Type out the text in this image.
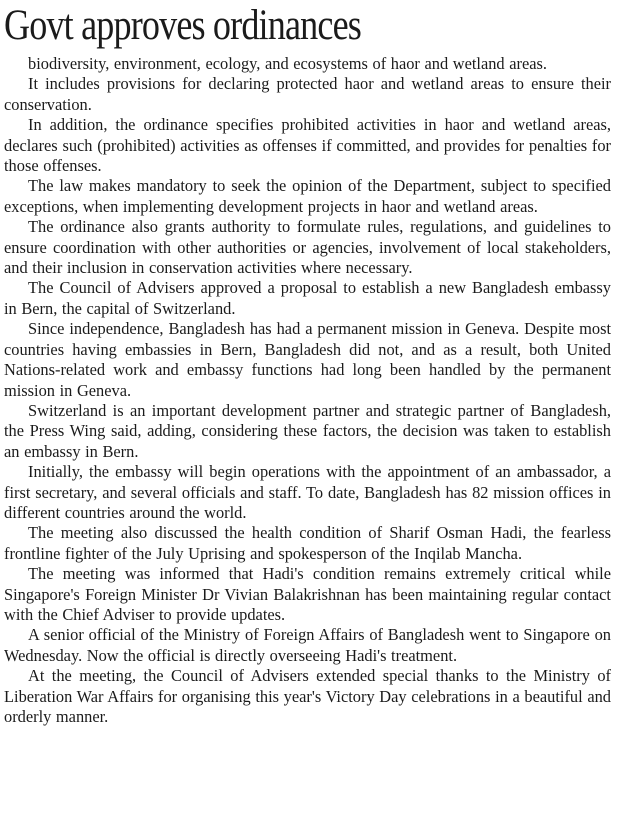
Govt approves ordinances

biodiversity, environment, ecology, and ecosystems of haor and wetland areas.

It includes provisions for declaring protected haor and wetland areas to ensure their conservation.

In addition, the ordinance specifies prohibited activities in haor and wetland areas, declares such (prohibited) activities as offenses if committed, and provides for penalties for those offenses.

The law makes mandatory to seek the opinion of the Department, subject to specified exceptions, when implementing development projects in haor and wetland areas.

The ordinance also grants authority to formulate rules, regulations, and guidelines to ensure coordination with other authorities or agencies, involvement of local stakeholders, and their inclusion in conservation activities where necessary.

The Council of Advisers approved a proposal to establish a new Bangladesh embassy in Bern, the capital of Switzerland.

Since independence, Bangladesh has had a permanent mission in Geneva. Despite most countries having embassies in Bern, Bangladesh did not, and as a result, both United Nations-related work and embassy functions had long been handled by the permanent mission in Geneva.

Switzerland is an important development partner and strategic partner of Bangladesh, the Press Wing said, adding, considering these factors, the decision was taken to establish an embassy in Bern.

Initially, the embassy will begin operations with the appointment of an ambassador, a first secretary, and several officials and staff. To date, Bangladesh has 82 mission offices in different countries around the world.

The meeting also discussed the health condition of Sharif Osman Hadi, the fearless frontline fighter of the July Uprising and spokesperson of the Inqilab Mancha.

The meeting was informed that Hadi's condition remains extremely critical while Singapore's Foreign Minister Dr Vivian Balakrishnan has been maintaining regular contact with the Chief Adviser to provide updates.

A senior official of the Ministry of Foreign Affairs of Bangladesh went to Singapore on Wednesday. Now the official is directly overseeing Hadi's treatment.

At the meeting, the Council of Advisers extended special thanks to the Ministry of Liberation War Affairs for organising this year's Victory Day celebrations in a beautiful and orderly manner.
